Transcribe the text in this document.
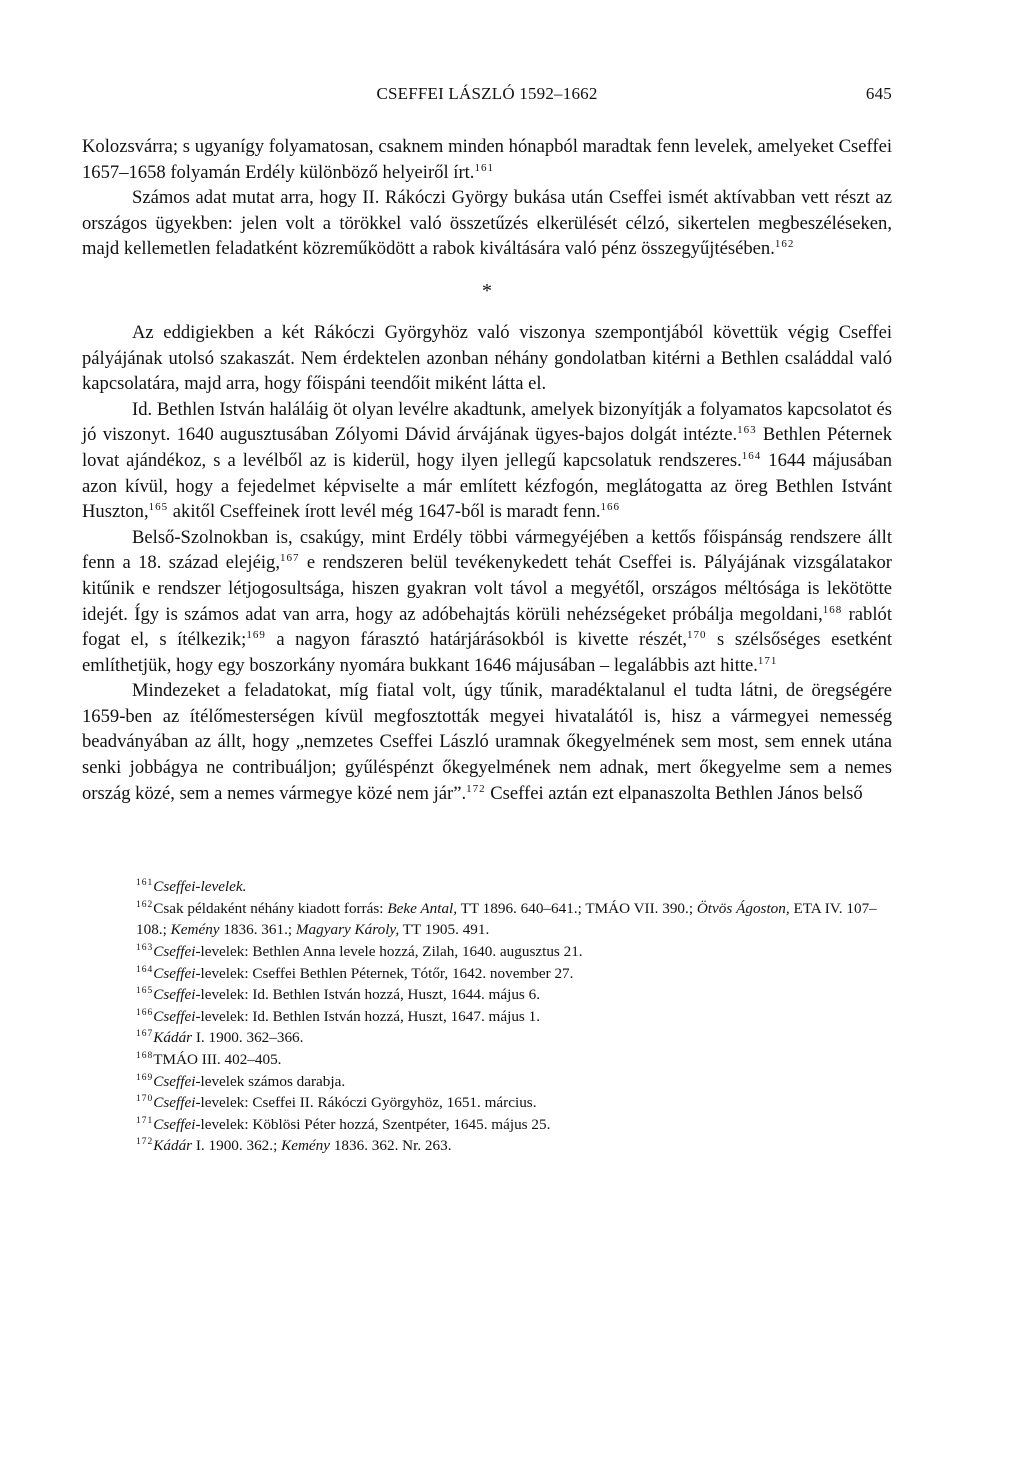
CSEFFEI LÁSZLÓ 1592–1662	645

Kolozsvárra; s ugyanígy folyamatosan, csaknem minden hónapból maradtak fenn levelek, amelyeket Cseffei 1657–1658 folyamán Erdély különböző helyeiről írt.$^{161}$

Számos adat mutat arra, hogy II. Rákóczi György bukása után Cseffei ismét aktívabban vett részt az országos ügyekben: jelen volt a törökkel való összetűzés elkerülését célzó, sikertelen megbeszéléseken, majd kellemetlen feladatként közreműködött a rabok kiváltására való pénz összegyűjtésében.$^{162}$

*

Az eddigiekben a két Rákóczi Györgyhöz való viszonya szempontjából követtük végig Cseffei pályájának utolsó szakaszát. Nem érdektelen azonban néhány gondolatban kitérni a Bethlen családdal való kapcsolatára, majd arra, hogy főispáni teendőit miként látta el.

Id. Bethlen István haláláig öt olyan levélre akadtunk, amelyek bizonyítják a folyamatos kapcsolatot és jó viszonyt. 1640 augusztusában Zólyomi Dávid árvájának ügyes-bajos dolgát intézte.$^{163}$ Bethlen Péternek lovat ajándékoz, s a levélből az is kiderül, hogy ilyen jellegű kapcsolatuk rendszeres.$^{164}$ 1644 májusában azon kívül, hogy a fejedelmet képviselte a már említett kézfogón, meglátogatta az öreg Bethlen Istvánt Huszton,$^{165}$ akitől Cseffeinek írott levél még 1647-ből is maradt fenn.$^{166}$

Belső-Szolnokban is, csakúgy, mint Erdély többi vármegyéjében a kettős főispánság rendszere állt fenn a 18. század elejéig,$^{167}$ e rendszeren belül tevékenykedett tehát Cseffei is. Pályájának vizsgálatakor kitűnik e rendszer létjogosultsága, hiszen gyakran volt távol a megyétől, országos méltósága is lekötötte idejét. Így is számos adat van arra, hogy az adóbehajtás körüli nehézségeket próbálja megoldani,$^{168}$ rablót fogat el, s ítélkezik;$^{169}$ a nagyon fárasztó határjárásokból is kivette részét,$^{170}$ s szélsőséges esetként említhetjük, hogy egy boszorkány nyomára bukkant 1646 májusában – legalábbis azt hitte.$^{171}$

Mindezeket a feladatokat, míg fiatal volt, úgy tűnik, maradéktalanul el tudta látni, de öregségére 1659-ben az ítélőmesterségen kívül megfosztották megyei hivatalától is, hisz a vármegyei nemesség beadványában az állt, hogy „nemzetes Cseffei László uramnak őkegyelmének sem most, sem ennek utána senki jobbágya ne contribuáljon; gyűléspénzt őkegyelmének nem adnak, mert őkegyelme sem a nemes ország közé, sem a nemes vármegye közé nem jár”.$^{172}$ Cseffei aztán ezt elpanaszolta Bethlen János belső

$^{161}$Cseffei-levelek.
$^{162}$Csak példaként néhány kiadott forrás: Beke Antal, TT 1896. 640–641.; TMÁO VII. 390.; Ötvös Ágoston, ETA IV. 107–108.; Kemény 1836. 361.; Magyary Károly, TT 1905. 491.
$^{163}$Cseffei-levelek: Bethlen Anna levele hozzá, Zilah, 1640. augusztus 21.
$^{164}$Cseffei-levelek: Cseffei Bethlen Péternek, Tótőr, 1642. november 27.
$^{165}$Cseffei-levelek: Id. Bethlen István hozzá, Huszt, 1644. május 6.
$^{166}$Cseffei-levelek: Id. Bethlen István hozzá, Huszt, 1647. május 1.
$^{167}$Kádár I. 1900. 362–366.
$^{168}$TMÁO III. 402–405.
$^{169}$Cseffei-levelek számos darabja.
$^{170}$Cseffei-levelek: Cseffei II. Rákóczi Györgyhöz, 1651. március.
$^{171}$Cseffei-levelek: Köblösi Péter hozzá, Szentpéter, 1645. május 25.
$^{172}$Kádár I. 1900. 362.; Kemény 1836. 362. Nr. 263.
